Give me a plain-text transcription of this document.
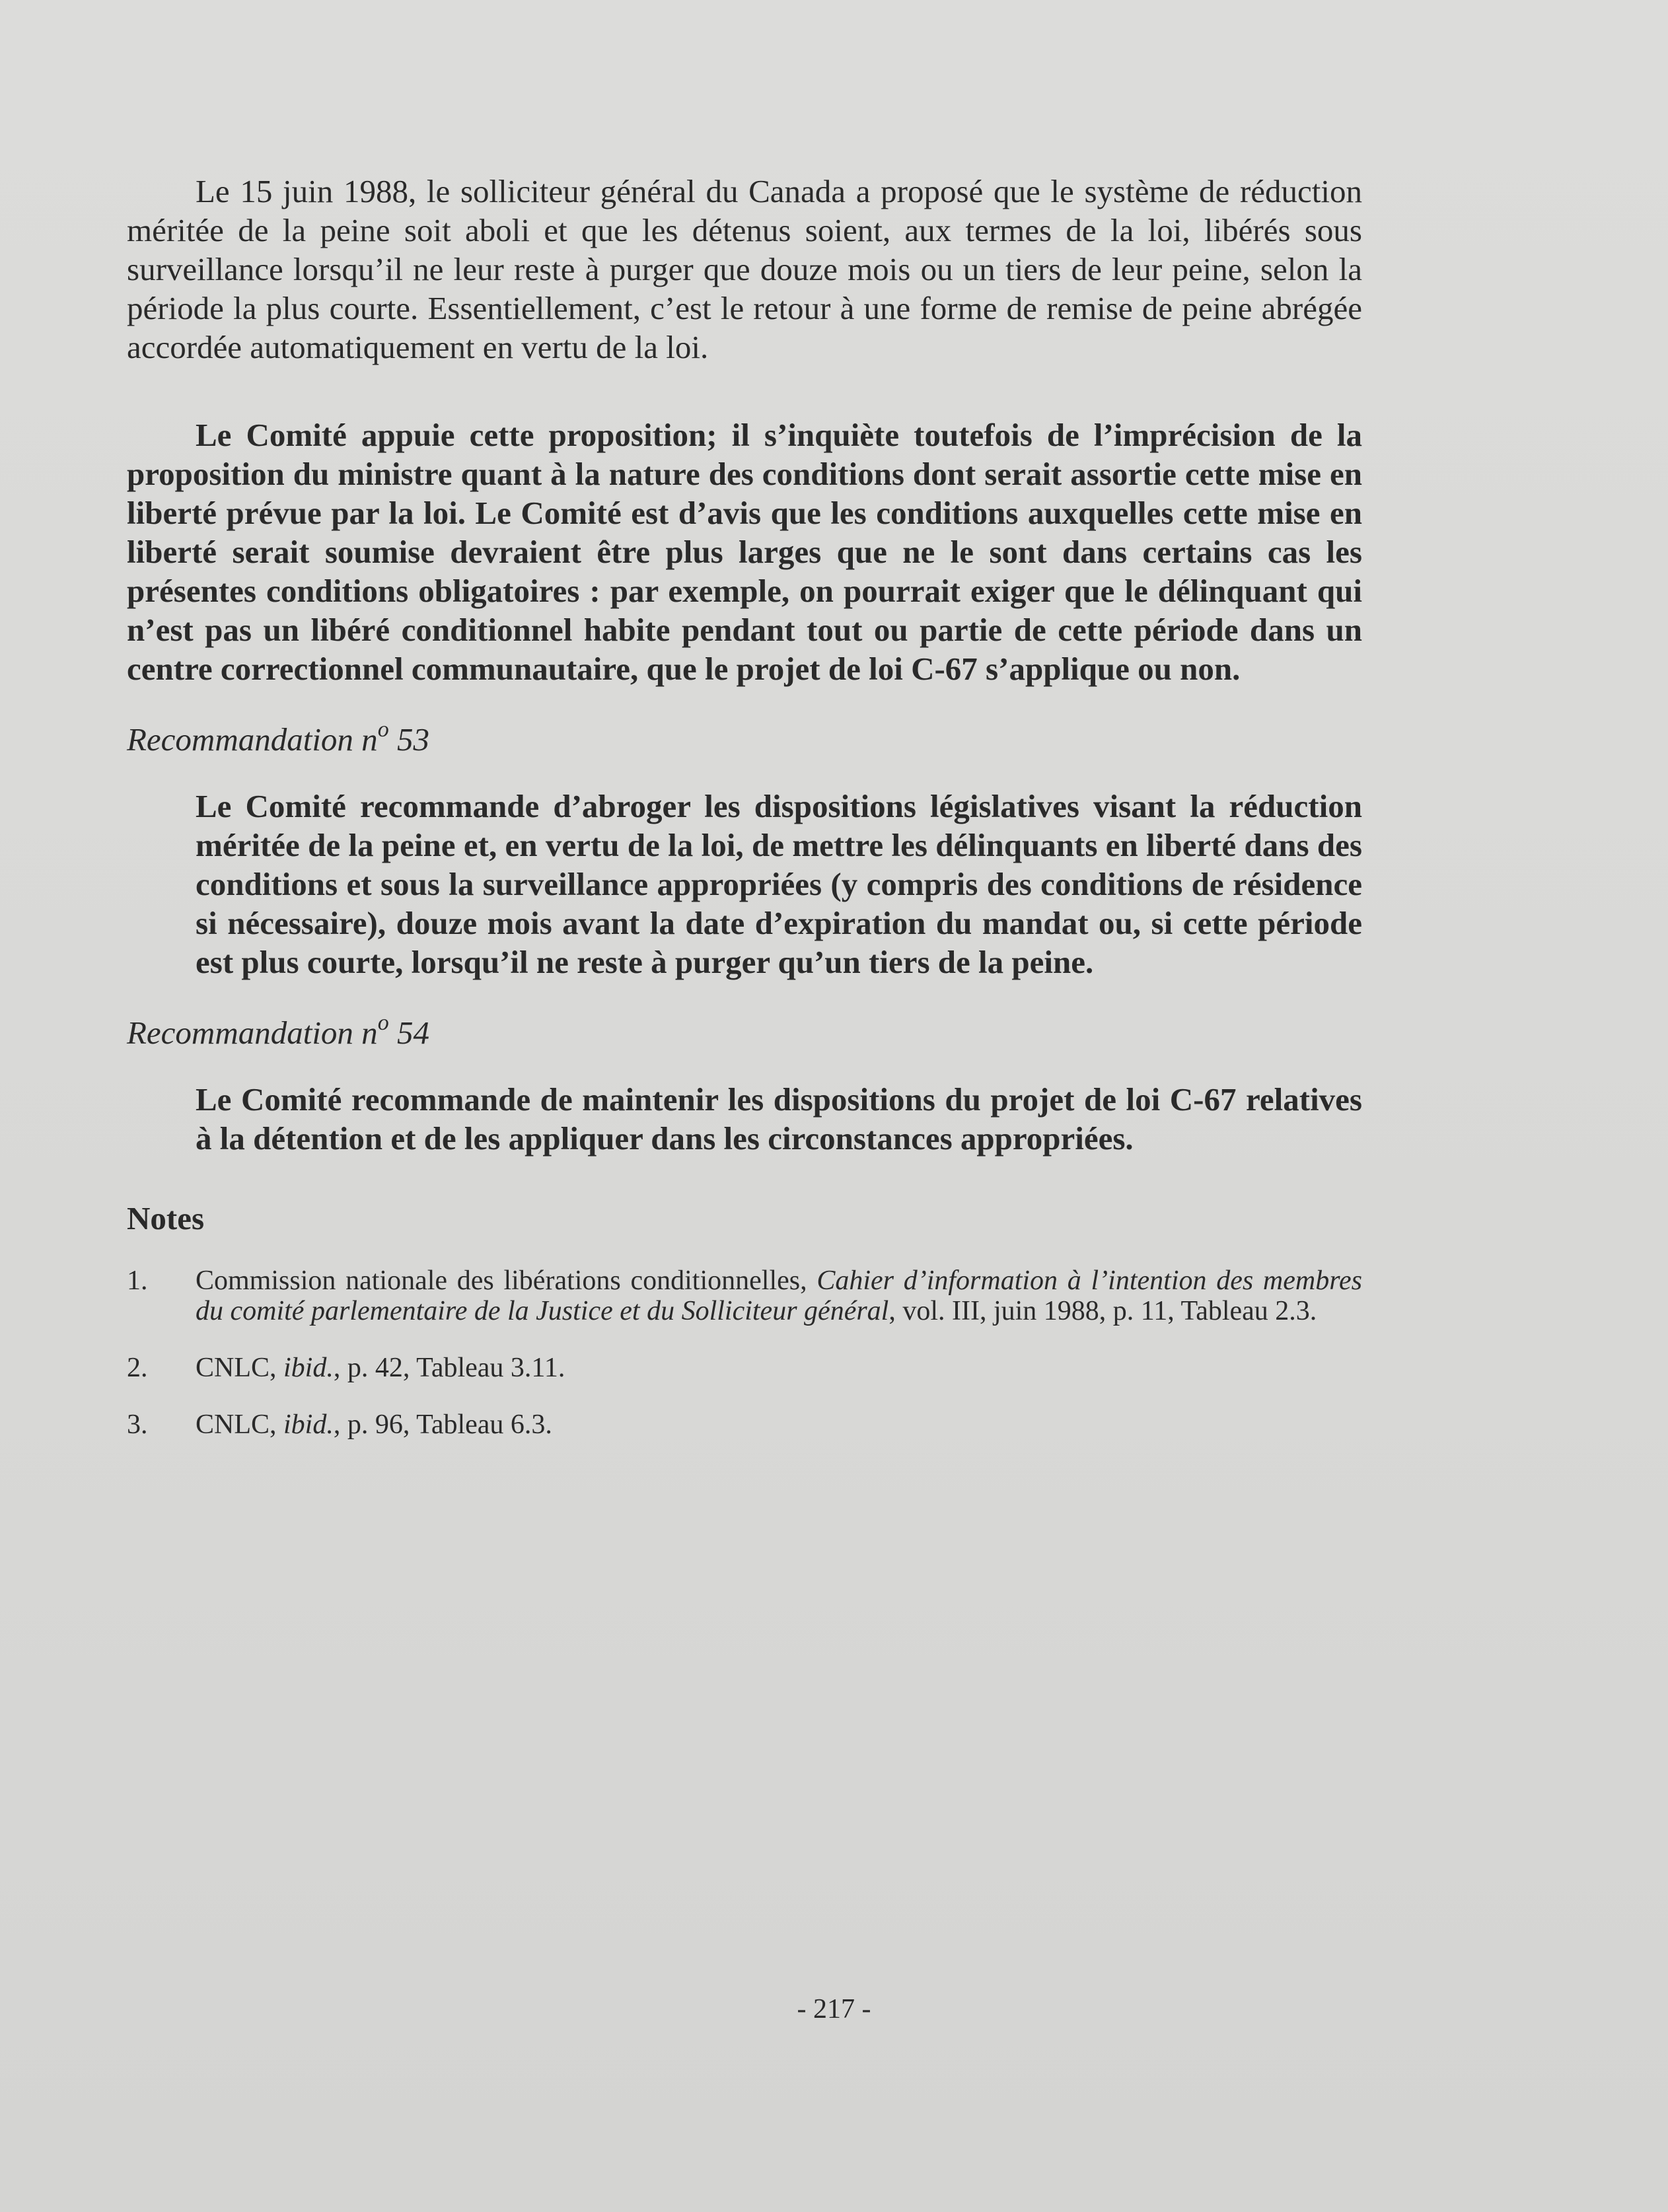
Le 15 juin 1988, le solliciteur général du Canada a proposé que le système de réduction méritée de la peine soit aboli et que les détenus soient, aux termes de la loi, libérés sous surveillance lorsqu’il ne leur reste à purger que douze mois ou un tiers de leur peine, selon la période la plus courte. Essentiellement, c’est le retour à une forme de remise de peine abrégée accordée automatiquement en vertu de la loi.

Le Comité appuie cette proposition; il s’inquiète toutefois de l’imprécision de la proposition du ministre quant à la nature des conditions dont serait assortie cette mise en liberté prévue par la loi. Le Comité est d’avis que les conditions auxquelles cette mise en liberté serait soumise devraient être plus larges que ne le sont dans certains cas les présentes conditions obligatoires : par exemple, on pourrait exiger que le délinquant qui n’est pas un libéré conditionnel habite pendant tout ou partie de cette période dans un centre correctionnel communautaire, que le projet de loi C-67 s’applique ou non.

Recommandation $n^o$ 53

Le Comité recommande d’abroger les dispositions législatives visant la réduction méritée de la peine et, en vertu de la loi, de mettre les délinquants en liberté dans des conditions et sous la surveillance appropriées (y compris des conditions de résidence si nécessaire), douze mois avant la date d’expiration du mandat ou, si cette période est plus courte, lorsqu’il ne reste à purger qu’un tiers de la peine.

Recommandation $n^o$ 54

Le Comité recommande de maintenir les dispositions du projet de loi C-67 relatives à la détention et de les appliquer dans les circonstances appropriées.

Notes
1. Commission nationale des libérations conditionnelles, Cahier d’information à l’intention des membres du comité parlementaire de la Justice et du Solliciteur général, vol. III, juin 1988, p. 11, Tableau 2.3.
2. CNLC, ibid., p. 42, Tableau 3.11.
3. CNLC, ibid., p. 96, Tableau 6.3.
- 217 -
